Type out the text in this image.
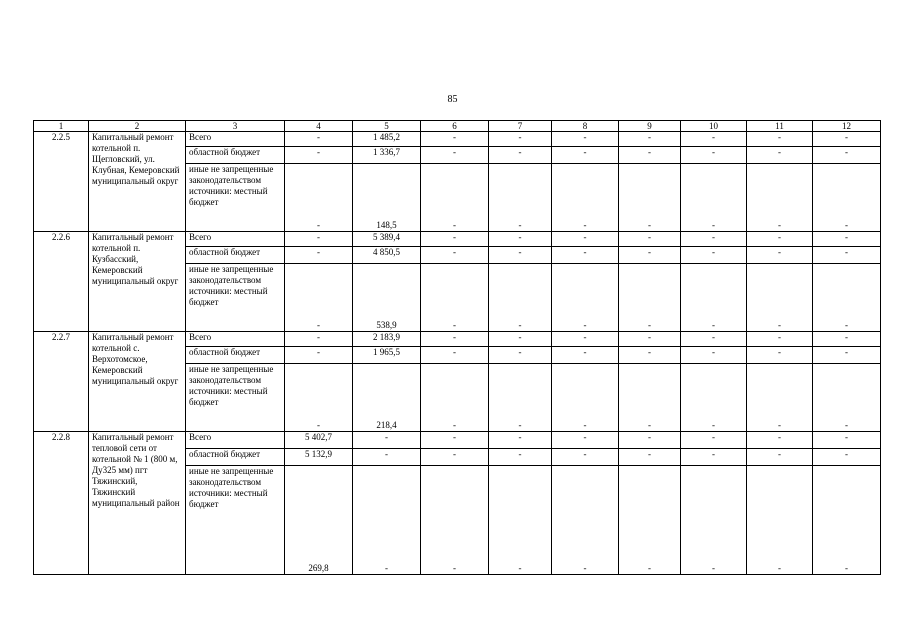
85
1	2	3	4	5	6	7	8	9	10	11	12
2.2.5	Капитальный ремонт котельной п. Щегловский, ул. Клубная, Кемеровский муниципальный округ	Всего	-	1 485,2	-	-	-	-	-	-	-
		областной бюджет	-	1 336,7	-	-	-	-	-	-	-
		иные не запрещенные законодательством источники: местный бюджет	-	148,5	-	-	-	-	-	-	-
2.2.6	Капитальный ремонт котельной п. Кузбасский, Кемеровский муниципальный округ	Всего	-	5 389,4	-	-	-	-	-	-	-
		областной бюджет	-	4 850,5	-	-	-	-	-	-	-
		иные не запрещенные законодательством источники: местный бюджет	-	538,9	-	-	-	-	-	-	-
2.2.7	Капитальный ремонт котельной с. Верхотомское, Кемеровский муниципальный округ	Всего	-	2 183,9	-	-	-	-	-	-	-
		областной бюджет	-	1 965,5	-	-	-	-	-	-	-
		иные не запрещенные законодательством источники: местный бюджет	-	218,4	-	-	-	-	-	-	-
2.2.8	Капитальный ремонт тепловой сети от котельной № 1 (800 м, Ду325 мм) пгт Тяжинский, Тяжинский муниципальный район	Всего	5 402,7	-	-	-	-	-	-	-	-
		областной бюджет	5 132,9	-	-	-	-	-	-	-	-
		иные не запрещенные законодательством источники: местный бюджет	269,8	-	-	-	-	-	-	-	-
